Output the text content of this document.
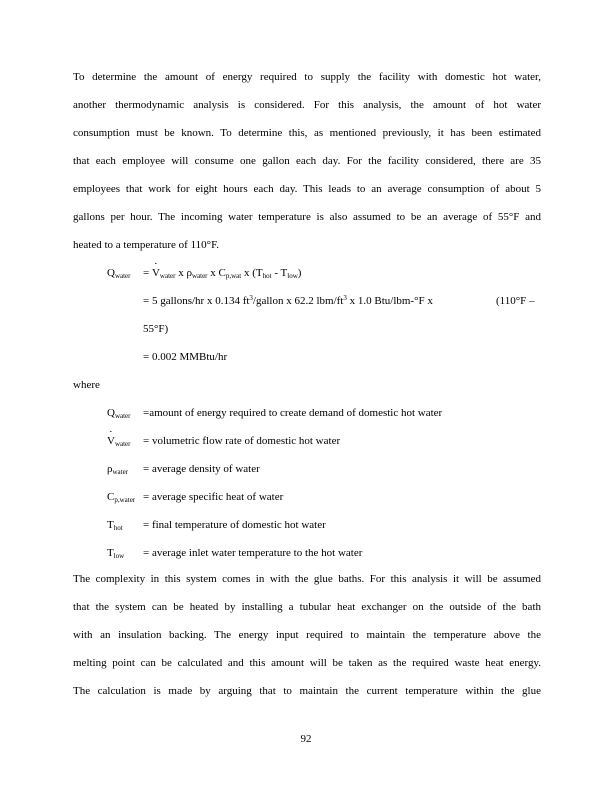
To determine the amount of energy required to supply the facility with domestic hot water,
another thermodynamic analysis is considered. For this analysis, the amount of hot water
consumption must be known. To determine this, as mentioned previously, it has been estimated
that each employee will consume one gallon each day. For the facility considered, there are 35
employees that work for eight hours each day. This leads to an average consumption of about 5
gallons per hour. The incoming water temperature is also assumed to be an average of 55°F and
heated to a temperature of 110°F.
$Q_{water}$ = · $V_{water}$ x $\rho_{water}$ x $C_{p,wat}$ x $(T_{hot} - T_{low})$
= 5 gallons/hr x 0.134 $ft^3$/gallon x 62.2 lbm/$ft^3$ x 1.0 Btu/lbm-°F x	(110°F –
55°F)
= 0.002 MMBtu/hr
where
$Q_{water}$ =amount of energy required to create demand of domestic hot water
· $V_{water}$ = volumetric flow rate of domestic hot water
$\rho_{water}$ = average density of water
$C_{p,water}$ = average specific heat of water
$T_{hot}$ = final temperature of domestic hot water
$T_{low}$ = average inlet water temperature to the hot water
The complexity in this system comes in with the glue baths. For this analysis it will be assumed
that the system can be heated by installing a tubular heat exchanger on the outside of the bath
with an insulation backing. The energy input required to maintain the temperature above the
melting point can be calculated and this amount will be taken as the required waste heat energy.
The calculation is made by arguing that to maintain the current temperature within the glue
92
